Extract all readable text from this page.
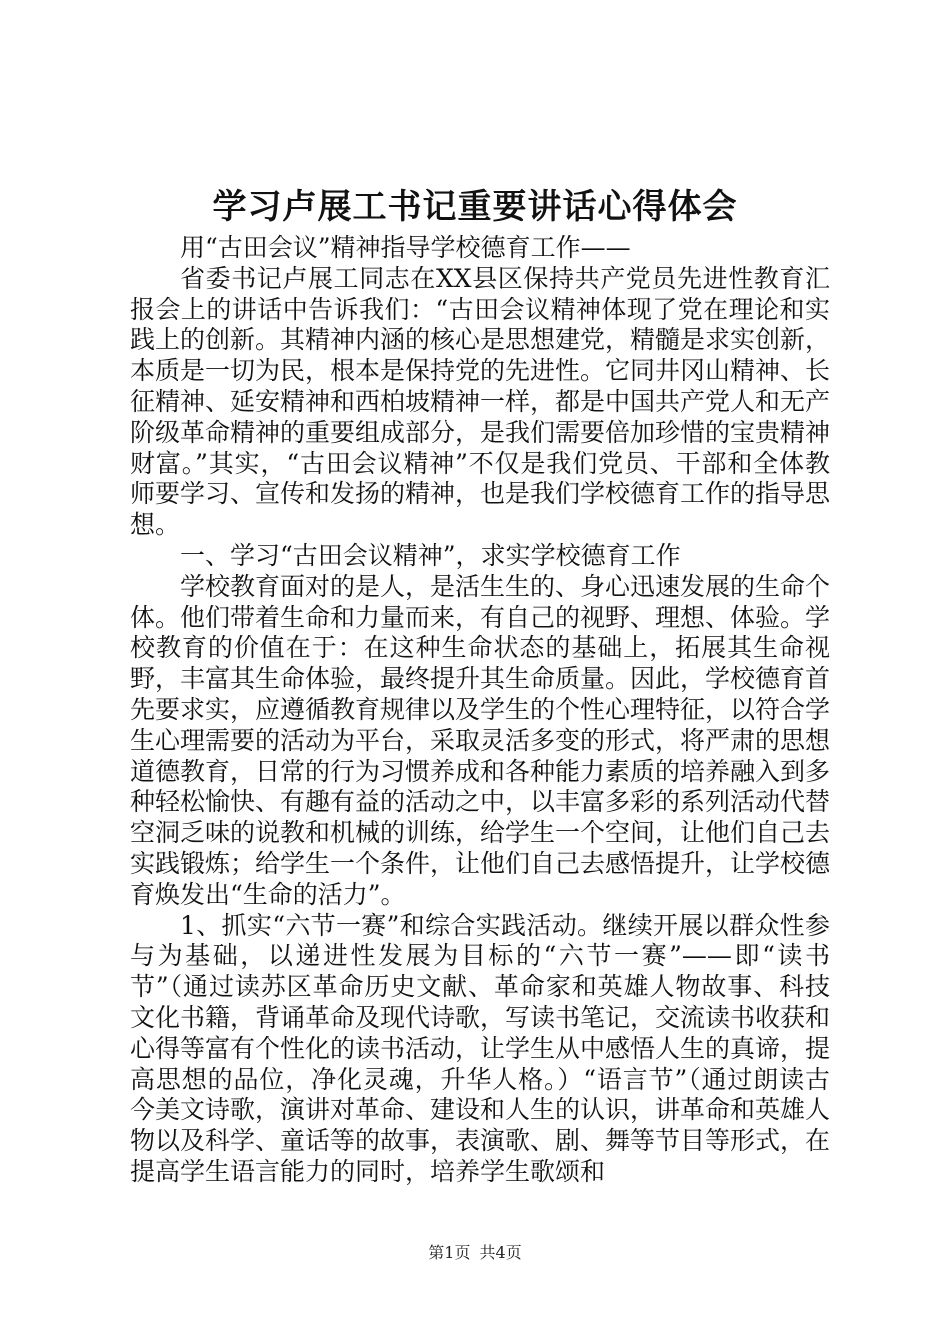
学习卢展工书记重要讲话心得体会

用“古田会议”精神指导学校德育工作——

省委书记卢展工同志在XX县区保持共产党员先进性教育汇报会上的讲话中告诉我们：“古田会议精神体现了党在理论和实践上的创新。其精神内涵的核心是思想建党，精髓是求实创新，本质是一切为民，根本是保持党的先进性。它同井冈山精神、长征精神、延安精神和西柏坡精神一样，都是中国共产党人和无产阶级革命精神的重要组成部分，是我们需要倍加珍惜的宝贵精神财富。”其实，“古田会议精神”不仅是我们党员、干部和全体教师要学习、宣传和发扬的精神，也是我们学校德育工作的指导思想。

一、学习“古田会议精神”，求实学校德育工作

学校教育面对的是人，是活生生的、身心迅速发展的生命个体。他们带着生命和力量而来，有自己的视野、理想、体验。学校教育的价值在于：在这种生命状态的基础上，拓展其生命视野，丰富其生命体验，最终提升其生命质量。因此，学校德育首先要求实，应遵循教育规律以及学生的个性心理特征，以符合学生心理需要的活动为平台，采取灵活多变的形式，将严肃的思想道德教育，日常的行为习惯养成和各种能力素质的培养融入到多种轻松愉快、有趣有益的活动之中，以丰富多彩的系列活动代替空洞乏味的说教和机械的训练，给学生一个空间，让他们自己去实践锻炼；给学生一个条件，让他们自己去感悟提升，让学校德育焕发出“生命的活力”。

1、抓实“六节一赛”和综合实践活动。继续开展以群众性参与为基础，以递进性发展为目标的“六节一赛”——即“读书节”（通过读苏区革命历史文献、革命家和英雄人物故事、科技文化书籍，背诵革命及现代诗歌，写读书笔记，交流读书收获和心得等富有个性化的读书活动，让学生从中感悟人生的真谛，提高思想的品位，净化灵魂，升华人格。）“语言节”（通过朗读古今美文诗歌，演讲对革命、建设和人生的认识，讲革命和英雄人物以及科学、童话等的故事，表演歌、剧、舞等节目等形式，在提高学生语言能力的同时，培养学生歌颂和

第1页 共4页
